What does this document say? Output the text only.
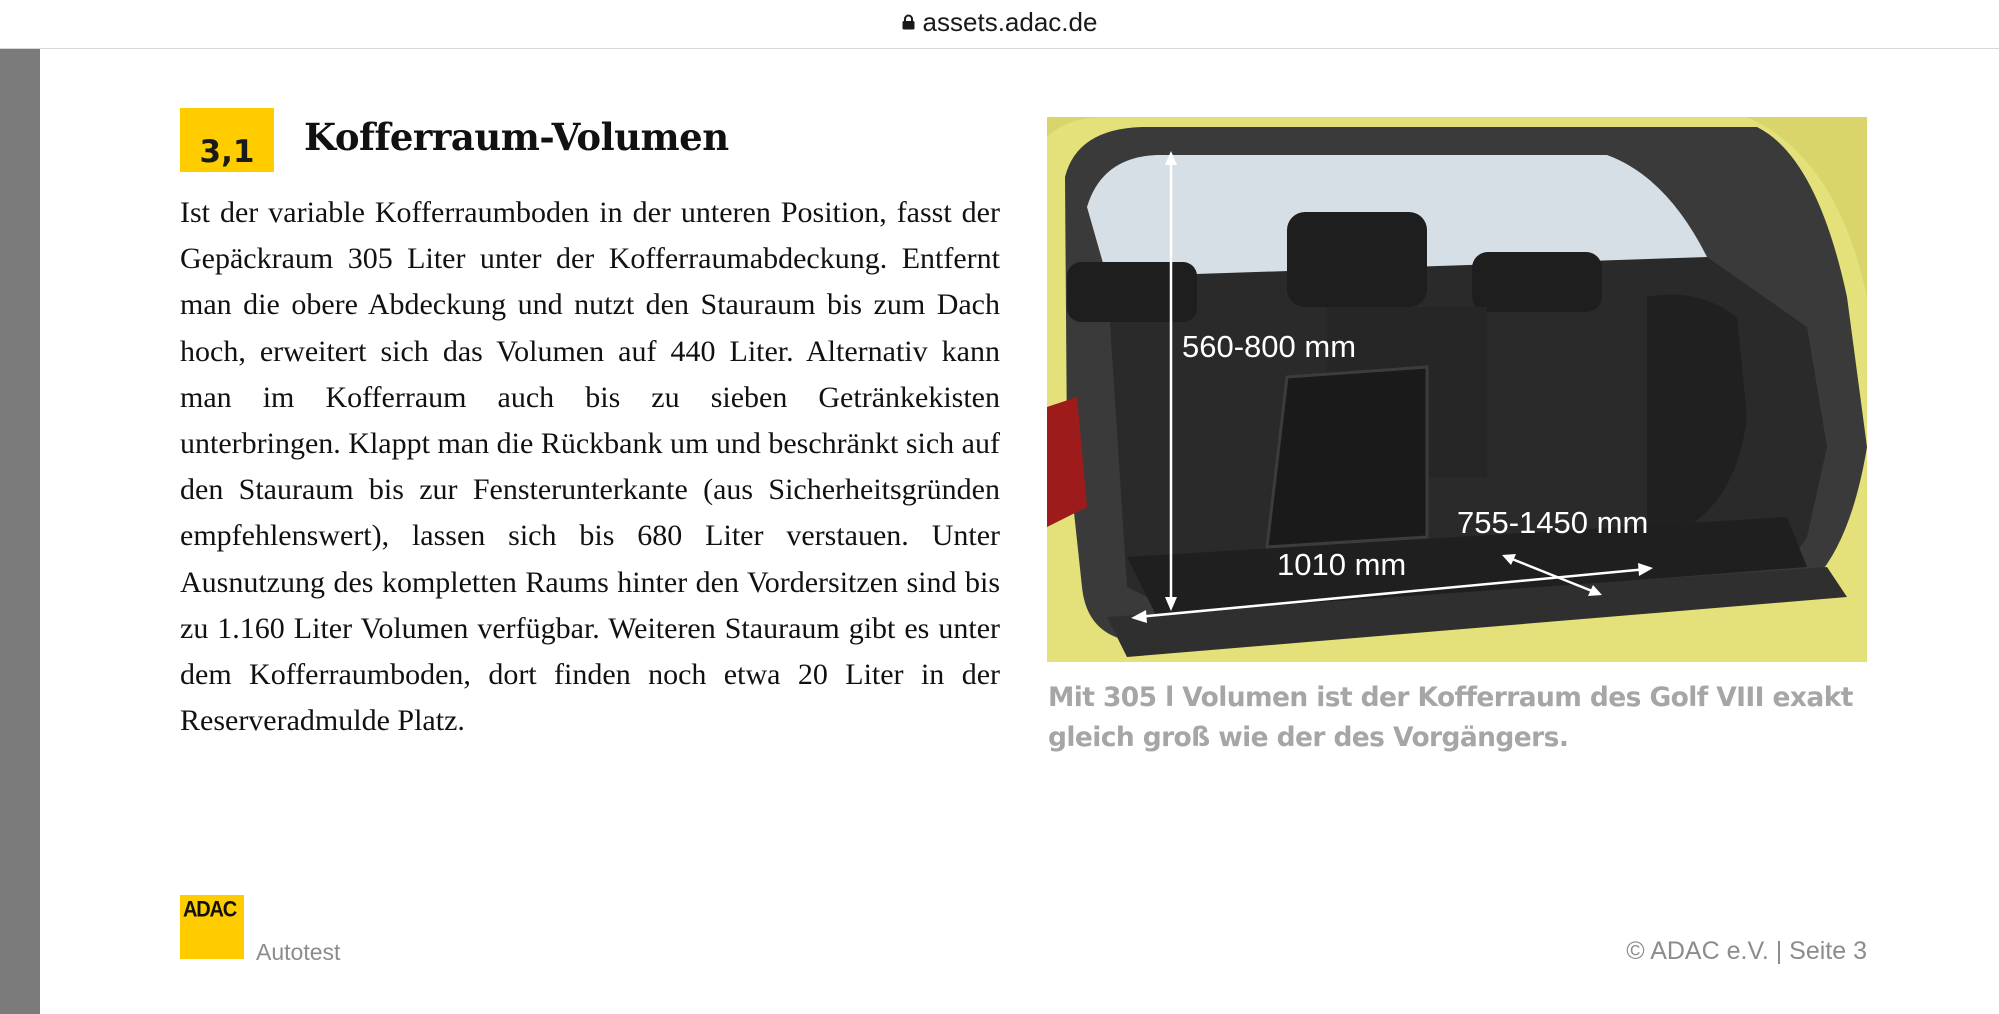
assets.adac.de
3,1	Kofferraum-Volumen

Ist der variable Kofferraumboden in der unteren Position, fasst der Gepäckraum 305 Liter unter der Kofferraumabdeckung. Entfernt man die obere Abdeckung und nutzt den Stauraum bis zum Dach hoch, erweitert sich das Volumen auf 440 Liter. Alternativ kann man im Kofferraum auch bis zu sieben Getränkekisten unterbringen. Klappt man die Rückbank um und beschränkt sich auf den Stauraum bis zur Fensterunterkante (aus Sicherheitsgründen empfehlenswert), lassen sich bis 680 Liter verstauen. Unter Ausnutzung des kompletten Raums hinter den Vordersitzen sind bis zu 1.160 Liter Volumen verfügbar. Weiteren Stauraum gibt es unter dem Kofferraumboden, dort finden noch etwa 20 Liter in der Reserveradmulde Platz.

560-800 mm
755-1450 mm
1010 mm

Mit 305 l Volumen ist der Kofferraum des Golf VIII exakt gleich groß wie der des Vorgängers.

ADAC
Autotest	© ADAC e.V. | Seite 3
